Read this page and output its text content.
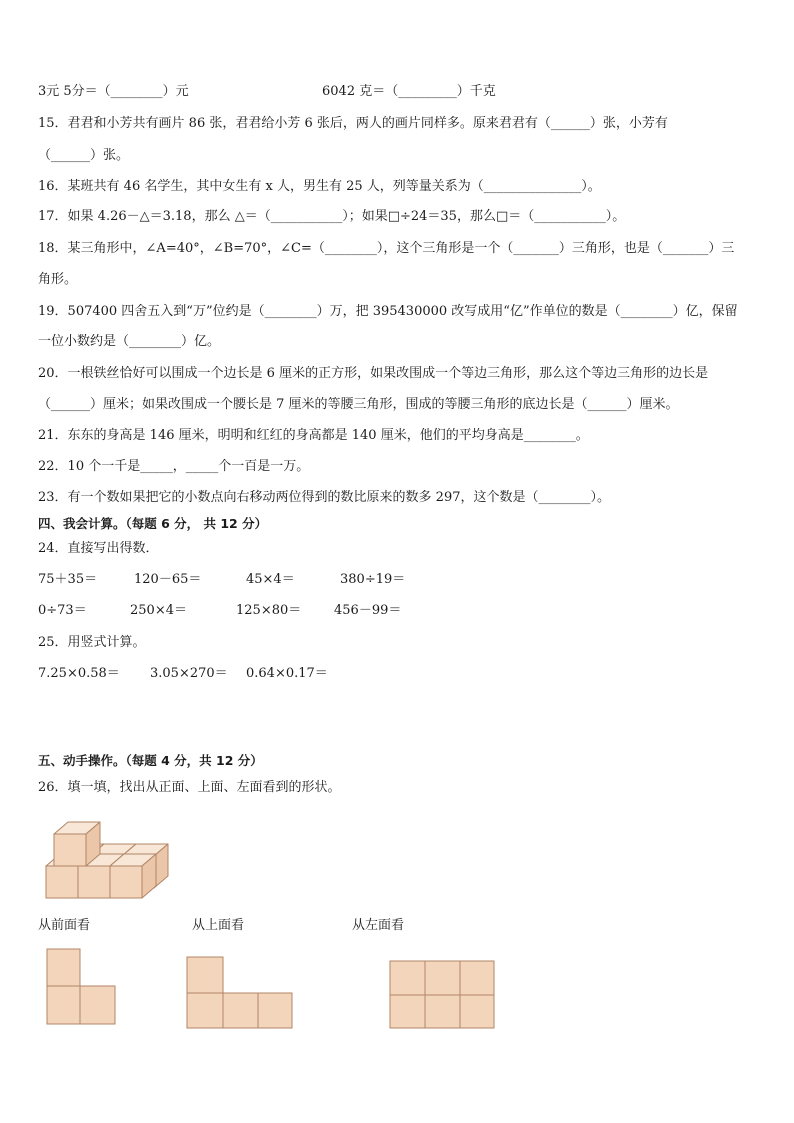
3元 5分＝（________）元	6042 克＝（_________）千克
15．君君和小芳共有画片 86 张，君君给小芳 6 张后，两人的画片同样多。原来君君有（______）张，小芳有
（______）张。
16．某班共有 46 名学生，其中女生有 x 人，男生有 25 人，列等量关系为（_______________）。
17．如果 4.26－△＝3.18，那么 △＝（___________）；如果□÷24＝35，那么□＝（___________）。
18．某三角形中，∠A=40°，∠B=70°，∠C=（________），这个三角形是一个（_______）三角形，也是（_______）三
角形。
19．507400 四舍五入到“万”位约是（________）万，把 395430000 改写成用“亿”作单位的数是（________）亿，保留
一位小数约是（________）亿。
20．一根铁丝恰好可以围成一个边长是 6 厘米的正方形，如果改围成一个等边三角形，那么这个等边三角形的边长是
（______）厘米；如果改围成一个腰长是 7 厘米的等腰三角形，围成的等腰三角形的底边长是（______）厘米。
21．东东的身高是 146 厘米，明明和红红的身高都是 140 厘米，他们的平均身高是________。
22．10 个一千是_____，_____个一百是一万。
23．有一个数如果把它的小数点向右移动两位得到的数比原来的数多 297，这个数是（________）。
四、我会计算。（每题 6 分， 共 12 分）
24．直接写出得数．
75＋35＝	120－65＝	45×4＝	380÷19＝
0÷73＝	250×4＝	125×80＝	456－99＝
25．用竖式计算。
7.25×0.58＝ 3.05×270＝ 0.64×0.17＝
五、动手操作。（每题 4 分，共 12 分）
26．填一填，找出从正面、上面、左面看到的形状。
从前面看	从上面看	从左面看
